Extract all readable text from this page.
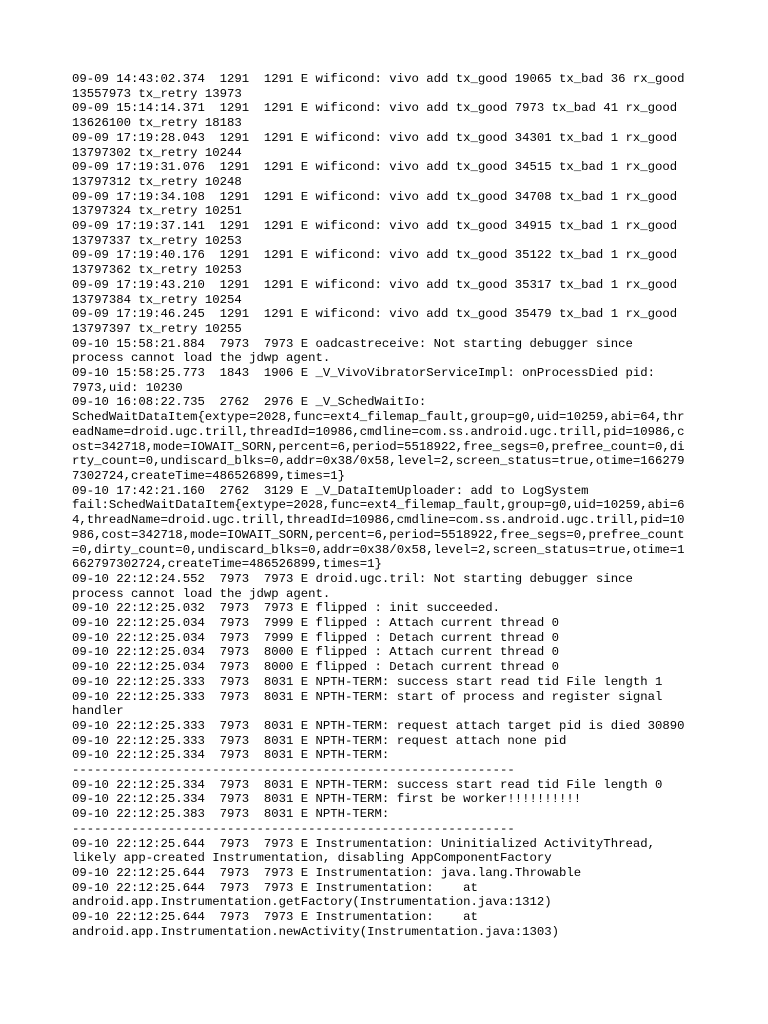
09-09 14:43:02.374  1291  1291 E wificond: vivo add tx_good 19065 tx_bad 36 rx_good
13557973 tx_retry 13973
09-09 15:14:14.371  1291  1291 E wificond: vivo add tx_good 7973 tx_bad 41 rx_good
13626100 tx_retry 18183
09-09 17:19:28.043  1291  1291 E wificond: vivo add tx_good 34301 tx_bad 1 rx_good
13797302 tx_retry 10244
09-09 17:19:31.076  1291  1291 E wificond: vivo add tx_good 34515 tx_bad 1 rx_good
13797312 tx_retry 10248
09-09 17:19:34.108  1291  1291 E wificond: vivo add tx_good 34708 tx_bad 1 rx_good
13797324 tx_retry 10251
09-09 17:19:37.141  1291  1291 E wificond: vivo add tx_good 34915 tx_bad 1 rx_good
13797337 tx_retry 10253
09-09 17:19:40.176  1291  1291 E wificond: vivo add tx_good 35122 tx_bad 1 rx_good
13797362 tx_retry 10253
09-09 17:19:43.210  1291  1291 E wificond: vivo add tx_good 35317 tx_bad 1 rx_good
13797384 tx_retry 10254
09-09 17:19:46.245  1291  1291 E wificond: vivo add tx_good 35479 tx_bad 1 rx_good
13797397 tx_retry 10255
09-10 15:58:21.884  7973  7973 E oadcastreceive: Not starting debugger since
process cannot load the jdwp agent.
09-10 15:58:25.773  1843  1906 E _V_VivoVibratorServiceImpl: onProcessDied pid:
7973,uid: 10230
09-10 16:08:22.735  2762  2976 E _V_SchedWaitIo:
SchedWaitDataItem{extype=2028,func=ext4_filemap_fault,group=g0,uid=10259,abi=64,thr
eadName=droid.ugc.trill,threadId=10986,cmdline=com.ss.android.ugc.trill,pid=10986,c
ost=342718,mode=IOWAIT_SORN,percent=6,period=5518922,free_segs=0,prefree_count=0,di
rty_count=0,undiscard_blks=0,addr=0x38/0x58,level=2,screen_status=true,otime=166279
7302724,createTime=486526899,times=1}
09-10 17:42:21.160  2762  3129 E _V_DataItemUploader: add to LogSystem
fail:SchedWaitDataItem{extype=2028,func=ext4_filemap_fault,group=g0,uid=10259,abi=6
4,threadName=droid.ugc.trill,threadId=10986,cmdline=com.ss.android.ugc.trill,pid=10
986,cost=342718,mode=IOWAIT_SORN,percent=6,period=5518922,free_segs=0,prefree_count
=0,dirty_count=0,undiscard_blks=0,addr=0x38/0x58,level=2,screen_status=true,otime=1
662797302724,createTime=486526899,times=1}
09-10 22:12:24.552  7973  7973 E droid.ugc.tril: Not starting debugger since
process cannot load the jdwp agent.
09-10 22:12:25.032  7973  7973 E flipped : init succeeded.
09-10 22:12:25.034  7973  7999 E flipped : Attach current thread 0
09-10 22:12:25.034  7973  7999 E flipped : Detach current thread 0
09-10 22:12:25.034  7973  8000 E flipped : Attach current thread 0
09-10 22:12:25.034  7973  8000 E flipped : Detach current thread 0
09-10 22:12:25.333  7973  8031 E NPTH-TERM: success start read tid File length 1
09-10 22:12:25.333  7973  8031 E NPTH-TERM: start of process and register signal
handler
09-10 22:12:25.333  7973  8031 E NPTH-TERM: request attach target pid is died 30890
09-10 22:12:25.333  7973  8031 E NPTH-TERM: request attach none pid
09-10 22:12:25.334  7973  8031 E NPTH-TERM:
------------------------------------------------------------
09-10 22:12:25.334  7973  8031 E NPTH-TERM: success start read tid File length 0
09-10 22:12:25.334  7973  8031 E NPTH-TERM: first be worker!!!!!!!!!!
09-10 22:12:25.383  7973  8031 E NPTH-TERM:
------------------------------------------------------------
09-10 22:12:25.644  7973  7973 E Instrumentation: Uninitialized ActivityThread,
likely app-created Instrumentation, disabling AppComponentFactory
09-10 22:12:25.644  7973  7973 E Instrumentation: java.lang.Throwable
09-10 22:12:25.644  7973  7973 E Instrumentation:    at
android.app.Instrumentation.getFactory(Instrumentation.java:1312)
09-10 22:12:25.644  7973  7973 E Instrumentation:    at
android.app.Instrumentation.newActivity(Instrumentation.java:1303)
